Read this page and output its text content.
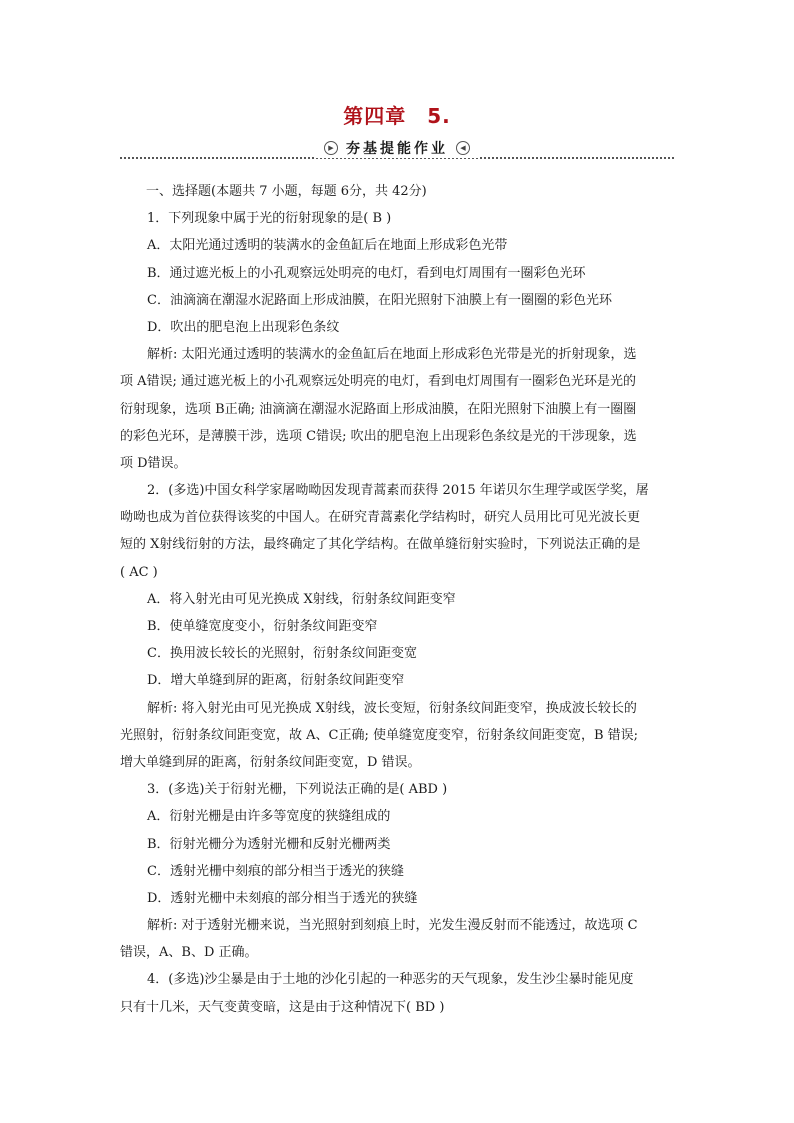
第四章　5.
▶ 夯基提能作业	◀
一、选择题(本题共 7 小题，每题 6分，共 42分)
1．下列现象中属于光的衍射现象的是( B )
A．太阳光通过透明的装满水的金鱼缸后在地面上形成彩色光带
B．通过遮光板上的小孔观察远处明亮的电灯，看到电灯周围有一圈彩色光环
C．油滴滴在潮湿水泥路面上形成油膜，在阳光照射下油膜上有一圈圈的彩色光环
D．吹出的肥皂泡上出现彩色条纹
解析: 太阳光通过透明的装满水的金鱼缸后在地面上形成彩色光带是光的折射现象，选
项 A错误; 通过遮光板上的小孔观察远处明亮的电灯，看到电灯周围有一圈彩色光环是光的
衍射现象，选项 B正确; 油滴滴在潮湿水泥路面上形成油膜，在阳光照射下油膜上有一圈圈
的彩色光环，是薄膜干涉，选项 C错误; 吹出的肥皂泡上出现彩色条纹是光的干涉现象，选
项 D错误。
2．(多选)中国女科学家屠呦呦因发现青蒿素而获得 2015 年诺贝尔生理学或医学奖，屠
呦呦也成为首位获得该奖的中国人。在研究青蒿素化学结构时，研究人员用比可见光波长更
短的 X射线衍射的方法，最终确定了其化学结构。在做单缝衍射实验时，下列说法正确的是
( AC )
A．将入射光由可见光换成 X射线，衍射条纹间距变窄
B．使单缝宽度变小，衍射条纹间距变窄
C．换用波长较长的光照射，衍射条纹间距变宽
D．增大单缝到屏的距离，衍射条纹间距变窄
解析: 将入射光由可见光换成 X射线，波长变短，衍射条纹间距变窄，换成波长较长的
光照射，衍射条纹间距变宽，故 A、C正确; 使单缝宽度变窄，衍射条纹间距变宽，B 错误;
增大单缝到屏的距离，衍射条纹间距变宽，D 错误。
3．(多选)关于衍射光栅，下列说法正确的是( ABD )
A．衍射光栅是由许多等宽度的狭缝组成的
B．衍射光栅分为透射光栅和反射光栅两类
C．透射光栅中刻痕的部分相当于透光的狭缝
D．透射光栅中未刻痕的部分相当于透光的狭缝
解析: 对于透射光栅来说，当光照射到刻痕上时，光发生漫反射而不能透过，故选项 C
错误，A、B、D 正确。
4．(多选)沙尘暴是由于土地的沙化引起的一种恶劣的天气现象，发生沙尘暴时能见度
只有十几米，天气变黄变暗，这是由于这种情况下( BD )
